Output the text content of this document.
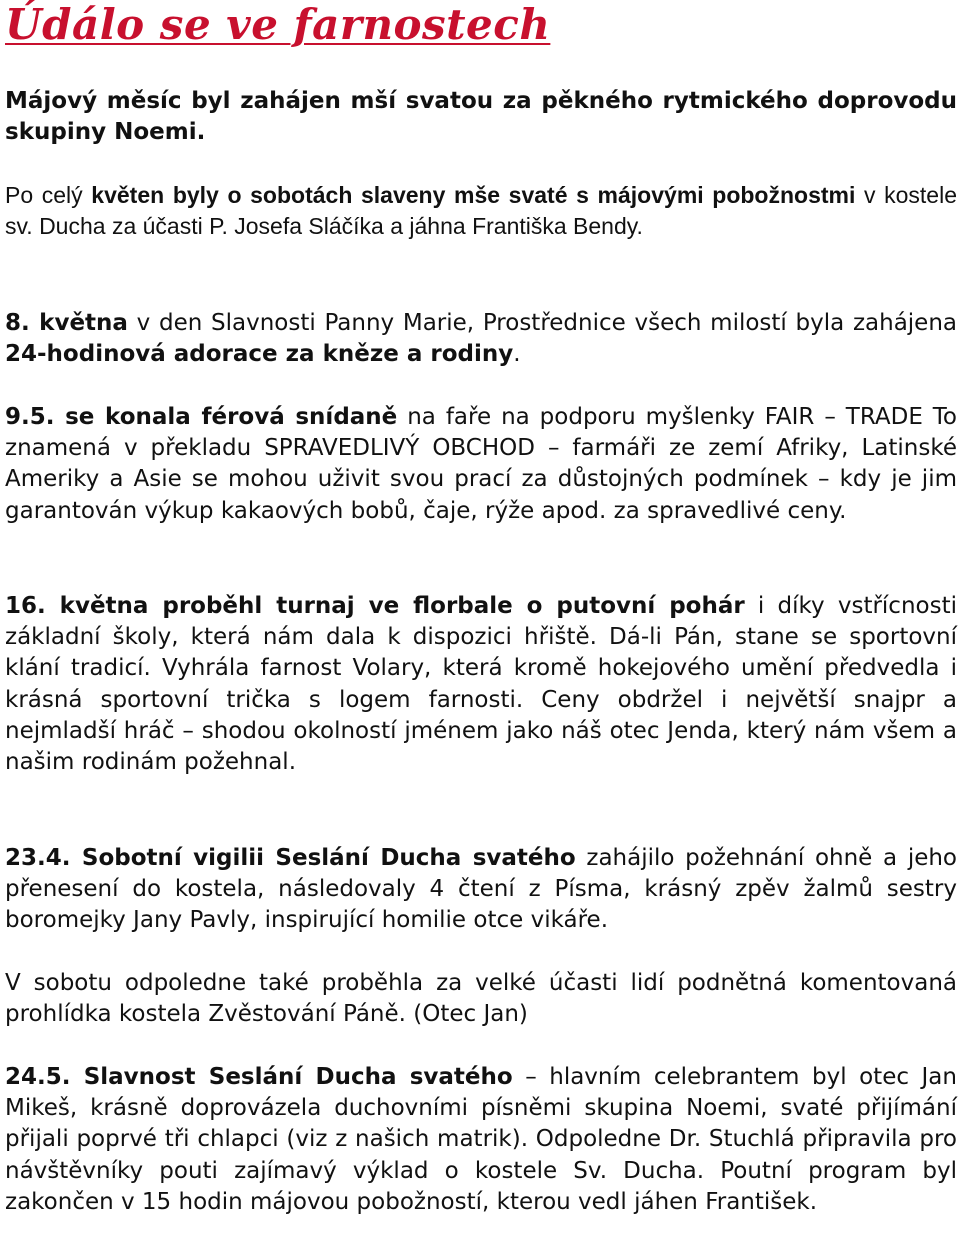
Údálo se ve farnostech

Májový měsíc byl zahájen mší svatou za pěkného rytmického doprovodu skupiny Noemi.

Po celý květen byly o sobotách slaveny mše svaté s májovými pobožnostmi v kostele sv. Ducha za účasti P. Josefa Sláčíka a jáhna Františka Bendy.

8. května v den Slavnosti Panny Marie, Prostřednice všech milostí byla zahájena 24-hodinová adorace za kněze a rodiny.

9.5. se konala férová snídaně na faře na podporu myšlenky FAIR – TRADE To znamená v překladu SPRAVEDLIVÝ OBCHOD – farmáři ze zemí Afriky, Latinské Ameriky a Asie se mohou uživit svou prací za důstojných podmínek – kdy je jim garantován výkup kakaových bobů, čaje, rýže apod. za spravedlivé ceny.

16. května proběhl turnaj ve florbale o putovní pohár i díky vstřícnosti základní školy, která nám dala k dispozici hřiště. Dá-li Pán, stane se sportovní klání tradicí. Vyhrála farnost Volary, která kromě hokejového umění předvedla i krásná sportovní trička s logem farnosti. Ceny obdržel i největší snajpr a nejmladší hráč – shodou okolností jménem jako náš otec Jenda, který nám všem a našim rodinám požehnal.

23.4. Sobotní vigilii Seslání Ducha svatého zahájilo požehnání ohně a jeho přenesení do kostela, následovaly 4 čtení z Písma, krásný zpěv žalmů sestry boromejky Jany Pavly, inspirující homilie otce vikáře.

V sobotu odpoledne také proběhla za velké účasti lidí podnětná komentovaná prohlídka kostela Zvěstování Páně. (Otec Jan)

24.5. Slavnost Seslání Ducha svatého – hlavním celebrantem byl otec Jan Mikeš, krásně doprovázela duchovními písněmi skupina Noemi, svaté přijímání přijali poprvé tři chlapci (viz z našich matrik). Odpoledne Dr. Stuchlá připravila pro návštěvníky pouti zajímavý výklad o kostele Sv. Ducha. Poutní program byl zakončen v 15 hodin májovou pobožností, kterou vedl jáhen František.
